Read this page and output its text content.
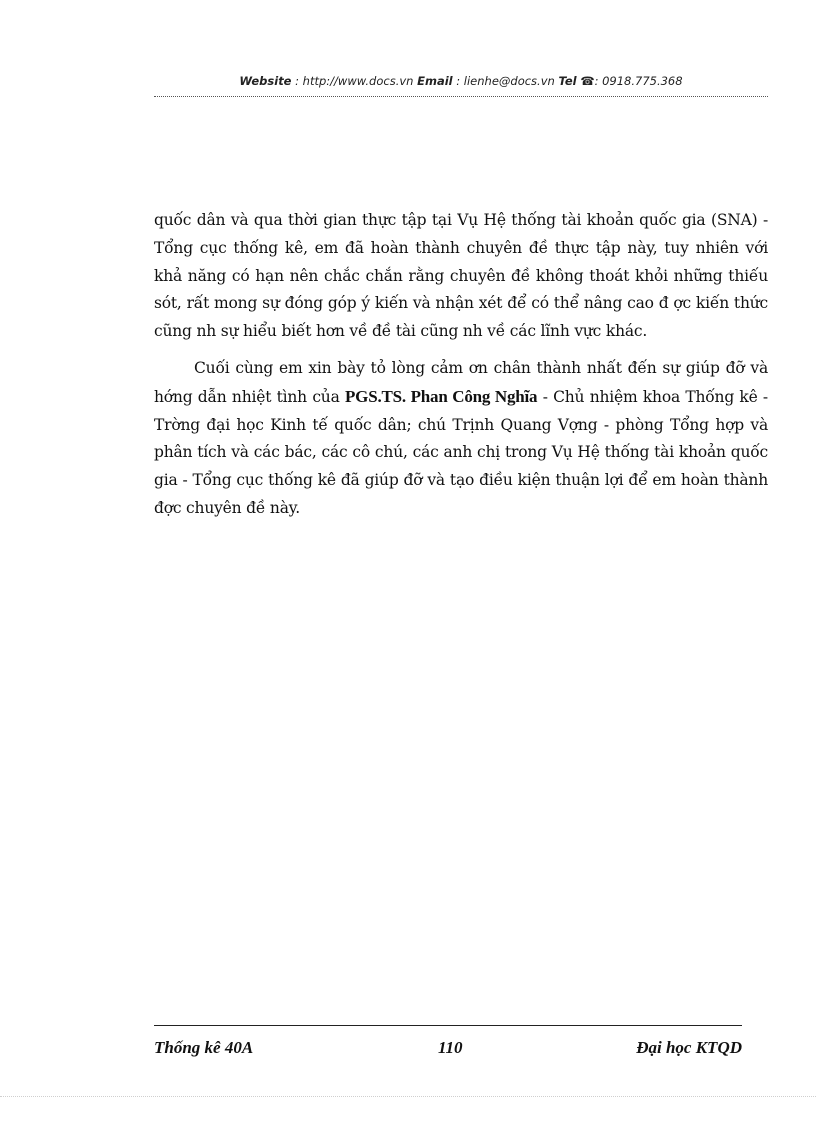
Website : http://www.docs.vn Email : lienhe@docs.vn Tel ☎: 0918.775.368

quốc dân và qua thời gian thực tập tại Vụ Hệ thống tài khoản quốc gia (SNA) - Tổng cục thống kê, em đã hoàn thành chuyên đề thực tập này, tuy nhiên với khả năng có hạn nên chắc chắn rằng chuyên đề không thoát khỏi những thiếu sót, rất mong sự đóng góp ý kiến và nhận xét để có thể nâng cao đ ợc kiến thức cũng nh sự hiểu biết hơn về đề tài cũng nh về các lĩnh vực khác.

Cuối cùng em xin bày tỏ lòng cảm ơn chân thành nhất đến sự giúp đỡ và hớng dẫn nhiệt tình của PGS.TS. Phan Công Nghĩa - Chủ nhiệm khoa Thống kê - Trờng đại học Kinh tế quốc dân; chú Trịnh Quang Vợng - phòng Tổng hợp và phân tích và các bác, các cô chú, các anh chị trong Vụ Hệ thống tài khoản quốc gia - Tổng cục thống kê đã giúp đỡ và tạo điều kiện thuận lợi để em hoàn thành đợc chuyên đề này.

Thống kê 40A	110	Đại học KTQD
